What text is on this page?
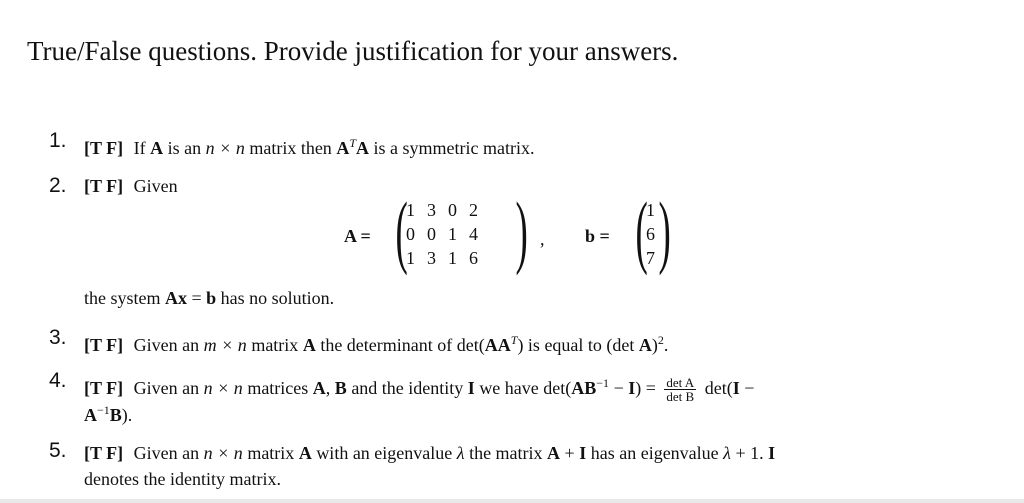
True/False questions. Provide justification for your answers.
1. [T F] If A is an n × n matrix then $A^TA$ is a symmetric matrix.
2. [T F] Given
A = (
1	3	0	2
0	0	1	4
1	3	1	6 ) , b = (
1
6
7 )
the system Ax = b has no solution.
3. [T F] Given an m × n matrix A the determinant of $\det(AA^T)$ is equal to (det A)$^2$.
4. [T F] Given an n × n matrices A, B and the identity I we have $\det(AB^{-1} - I) = \frac{\text{det A}}{\text{det B}} \det(I$ −
$A^{-1}B$).
5. [T F] Given an n × n matrix A with an eigenvalue λ the matrix A + I has an eigenvalue λ + 1. I
denotes the identity matrix.
